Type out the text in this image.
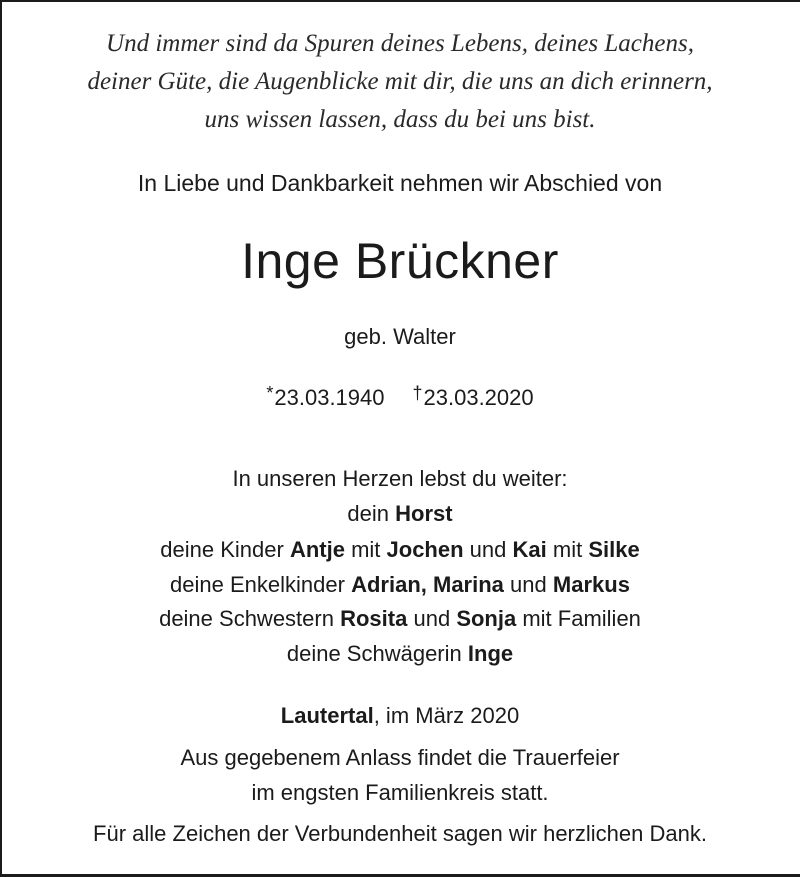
Und immer sind da Spuren deines Lebens, deines Lachens,
deiner Güte, die Augenblicke mit dir, die uns an dich erinnern,
uns wissen lassen, dass du bei uns bist.
In Liebe und Dankbarkeit nehmen wir Abschied von
Inge Brückner
geb. Walter
*23.03.1940 †23.03.2020
In unseren Herzen lebst du weiter:
dein Horst
deine Kinder Antje mit Jochen und Kai mit Silke
deine Enkelkinder Adrian, Marina und Markus
deine Schwestern Rosita und Sonja mit Familien
deine Schwägerin Inge
Lautertal, im März 2020
Aus gegebenem Anlass findet die Trauerfeier
im engsten Familienkreis statt.
Für alle Zeichen der Verbundenheit sagen wir herzlichen Dank.
